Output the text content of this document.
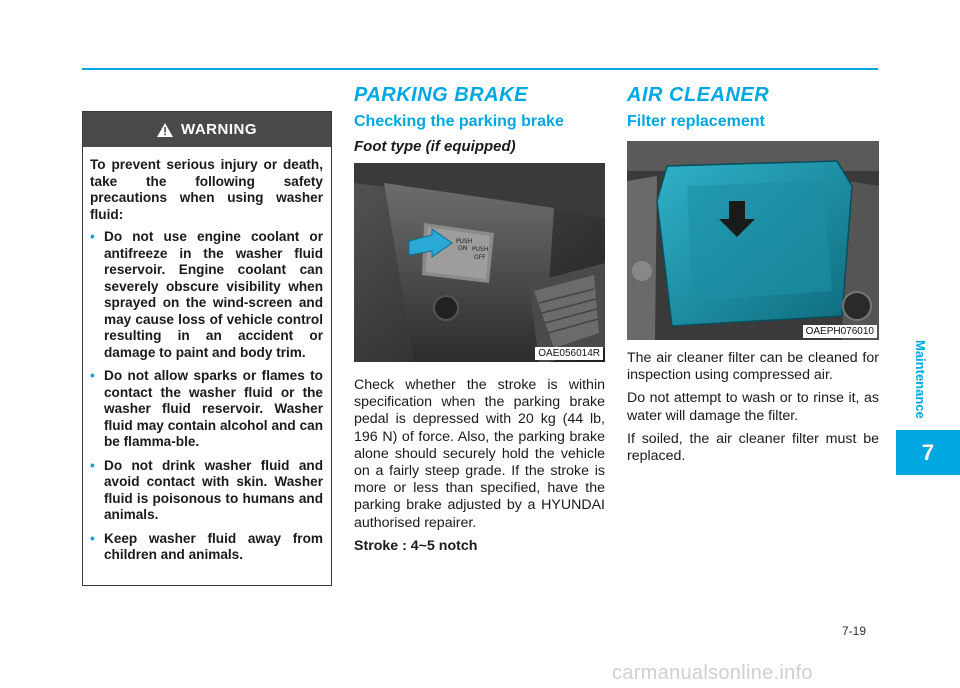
WARNING

To prevent serious injury or death, take the following safety precautions when using washer fluid:

• Do not use engine coolant or antifreeze in the washer fluid reservoir. Engine coolant can severely obscure visibility when sprayed on the wind-screen and may cause loss of vehicle control resulting in an accident or damage to paint and body trim.
• Do not allow sparks or flames to contact the washer fluid or the washer fluid reservoir. Washer fluid may contain alcohol and can be flamma-ble.
• Do not drink washer fluid and avoid contact with skin. Washer fluid is poisonous to humans and animals.
• Keep washer fluid away from children and animals.
PARKING BRAKE
Checking the parking brake

Foot type (if equipped)

PUSH
ON PUSH
OFF
OAE056014R

Check whether the stroke is within specification when the parking brake pedal is depressed with 20 kg (44 lb, 196 N) of force. Also, the parking brake alone should securely hold the vehicle on a fairly steep grade. If the stroke is more or less than specified, have the parking brake adjusted by a HYUNDAI authorised repairer.

Stroke : 4~5 notch

AIR CLEANER
Filter replacement
OAEPH076010

The air cleaner filter can be cleaned for inspection using compressed air.

Do not attempt to wash or to rinse it, as water will damage the filter.

If soiled, the air cleaner filter must be replaced.

Maintenance
7
7-19
carmanualsonline.info
